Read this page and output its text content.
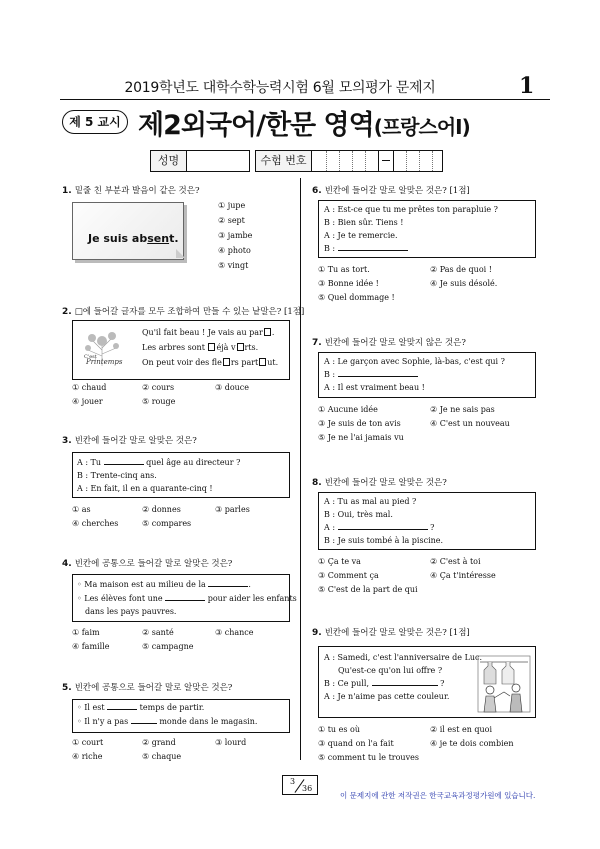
2019학년도 대학수학능력시험 6월 모의평가 문제지	1
제 5 교시 제2외국어/한문 영역(프랑스어Ⅰ)
성명	수험 번호
1. 밑줄 친 부분과 발음이 같은 것은?
Je suis absent.
① jupe
② sept
③ jambe
④ photo
⑤ vingt
2. □에 들어갈 글자를 모두 조합하여 만들 수 있는 낱말은? [1점]
C'est
Printemps
Qu'il fait beau ! Je vais au par .
Les arbres sont éjà v rts.
On peut voir des fle rs part ut.
① chaud	② cours	③ douce
④ jouer	⑤ rouge
3. 빈칸에 들어갈 말로 알맞은 것은?
A : Tu	quel âge au directeur ?
B : Trente-cinq ans.
A : En fait, il en a quarante-cinq !
① as	② donnes	③ parles
④ cherches	⑤ compares
4. 빈칸에 공통으로 들어갈 말로 알맞은 것은?
◦ Ma maison est au milieu de la	.
◦ Les élèves font une	pour aider les enfants
dans les pays pauvres.
① faim	② santé	③ chance
④ famille	⑤ campagne
5. 빈칸에 공통으로 들어갈 말로 알맞은 것은?
◦ Il est	temps de partir.
◦ Il n'y a pas	monde dans le magasin.
① court	② grand	③ lourd
④ riche	⑤ chaque
6. 빈칸에 들어갈 말로 알맞은 것은? [1점]
A : Est-ce que tu me prêtes ton parapluie ?
B : Bien sûr. Tiens !
A : Je te remercie.
B :
① Tu as tort.	② Pas de quoi !
③ Bonne idée !	④ Je suis désolé.
⑤ Quel dommage !
7. 빈칸에 들어갈 말로 알맞지 않은 것은?
A : Le garçon avec Sophie, là-bas, c'est qui ?
B :
A : Il est vraiment beau !
① Aucune idée	② Je ne sais pas
③ Je suis de ton avis	④ C'est un nouveau
⑤ Je ne l'ai jamais vu
8. 빈칸에 들어갈 말로 알맞은 것은?
A : Tu as mal au pied ?
B : Oui, très mal.
A :	?
B : Je suis tombé à la piscine.
① Ça te va	② C'est à toi
③ Comment ça	④ Ça t'intéresse
⑤ C'est de la part de qui
9. 빈칸에 들어갈 말로 알맞은 것은? [1점]
A : Samedi, c'est l'anniversaire de Luc.
Qu'est-ce qu'on lui offre ?
B : Ce pull,	?
A : Je n'aime pas cette couleur.
① tu es où	② il est en quoi
③ quand on l'a fait	④ je te dois combien
⑤ comment tu le trouves
3
36
이 문제지에 관한 저작권은 한국교육과정평가원에 있습니다.
